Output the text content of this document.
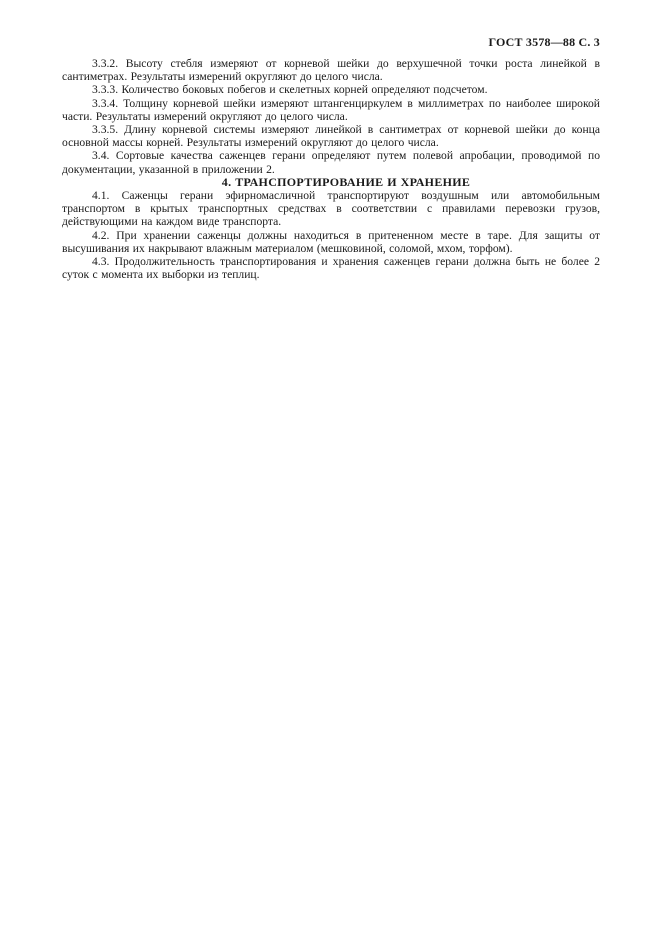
ГОСТ 3578—88 С. 3

3.3.2. Высоту стебля измеряют от корневой шейки до верхушечной точки роста линейкой в сантиметрах. Результаты измерений округляют до целого числа.

3.3.3. Количество боковых побегов и скелетных корней определяют подсчетом.

3.3.4. Толщину корневой шейки измеряют штангенциркулем в миллиметрах по наиболее широкой части. Результаты измерений округляют до целого числа.

3.3.5. Длину корневой системы измеряют линейкой в сантиметрах от корневой шейки до конца основной массы корней. Результаты измерений округляют до целого числа.

3.4. Сортовые качества саженцев герани определяют путем полевой апробации, проводимой по документации, указанной в приложении 2.

4. ТРАНСПОРТИРОВАНИЕ И ХРАНЕНИЕ

4.1. Саженцы герани эфирномасличной транспортируют воздушным или автомобильным транспортом в крытых транспортных средствах в соответствии с правилами перевозки грузов, действующими на каждом виде транспорта.

4.2. При хранении саженцы должны находиться в притененном месте в таре. Для защиты от высушивания их накрывают влажным материалом (мешковиной, соломой, мхом, торфом).

4.3. Продолжительность транспортирования и хранения саженцев герани должна быть не более 2 суток с момента их выборки из теплиц.
